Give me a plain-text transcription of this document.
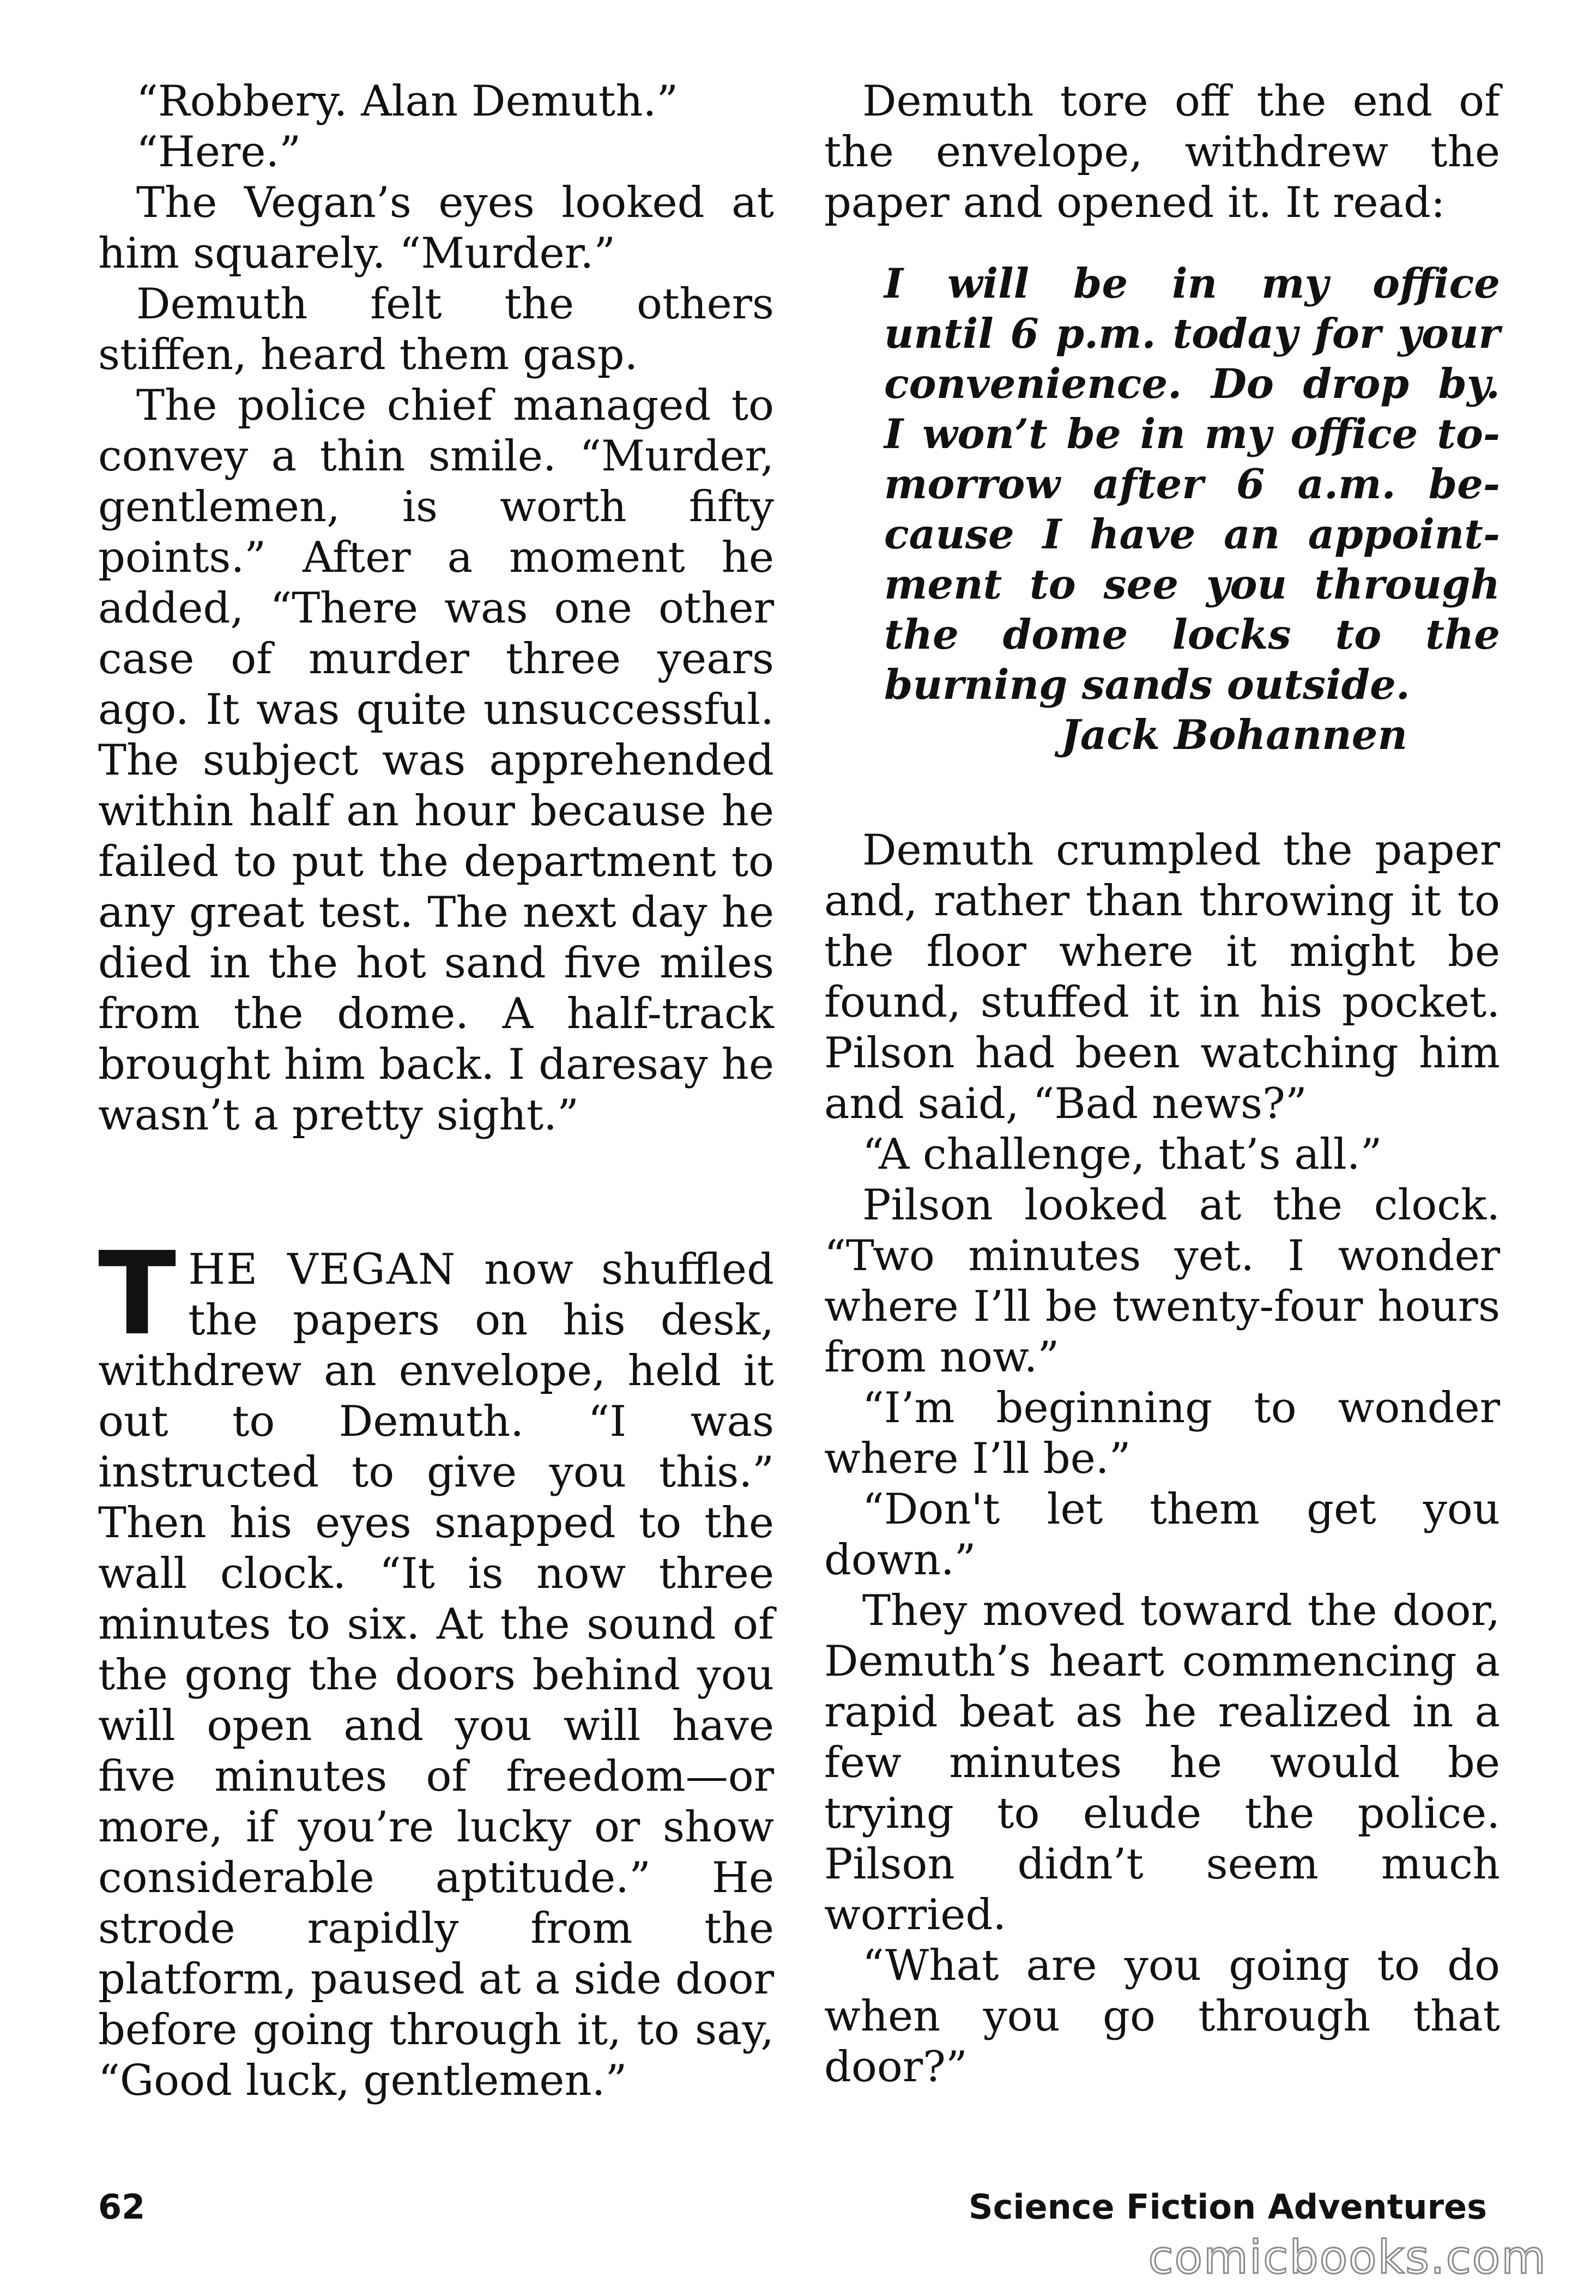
“Robbery. Alan Demuth.”

“Here.”

The Vegan’s eyes looked at him squarely. “Murder.”

Demuth felt the others stiffen, heard them gasp.

The police chief managed to convey a thin smile. “Murder, gentlemen, is worth fifty points.” After a moment he added, “There was one other case of murder three years ago. It was quite unsuccessful. The subject was apprehended within half an hour because he failed to put the department to any great test. The next day he died in the hot sand five miles from the dome. A half-track brought him back. I daresay he wasn’t a pretty sight.”

THE VEGAN now shuffled the papers on his desk, withdrew an envelope, held it out to Demuth. “I was instructed to give you this.” Then his eyes snapped to the wall clock. “It is now three minutes to six. At the sound of the gong the doors behind you will open and you will have five minutes of freedom—or more, if you’re lucky or show considerable aptitude.” He strode rapidly from the platform, paused at a side door before going through it, to say, “Good luck, gentlemen.”

Demuth tore off the end of the envelope, withdrew the paper and opened it. It read:

I will be in my office
until 6 p.m. today for your
convenience. Do drop by.
I won’t be in my office to-
morrow after 6 a.m. be-
cause I have an appoint-
ment to see you through
the dome locks to the
burning sands outside.
Jack Bohannen

Demuth crumpled the paper and, rather than throwing it to the floor where it might be found, stuffed it in his pocket. Pilson had been watching him and said, “Bad news?”

“A challenge, that’s all.”

Pilson looked at the clock. “Two minutes yet. I wonder where I’ll be twenty-four hours from now.”

“I’m beginning to wonder where I’ll be.”

“Don't let them get you down.”

They moved toward the door, Demuth’s heart commencing a rapid beat as he realized in a few minutes he would be trying to elude the police. Pilson didn’t seem much worried.

“What are you going to do when you go through that door?”

62	Science Fiction Adventures
comicbooks.com
